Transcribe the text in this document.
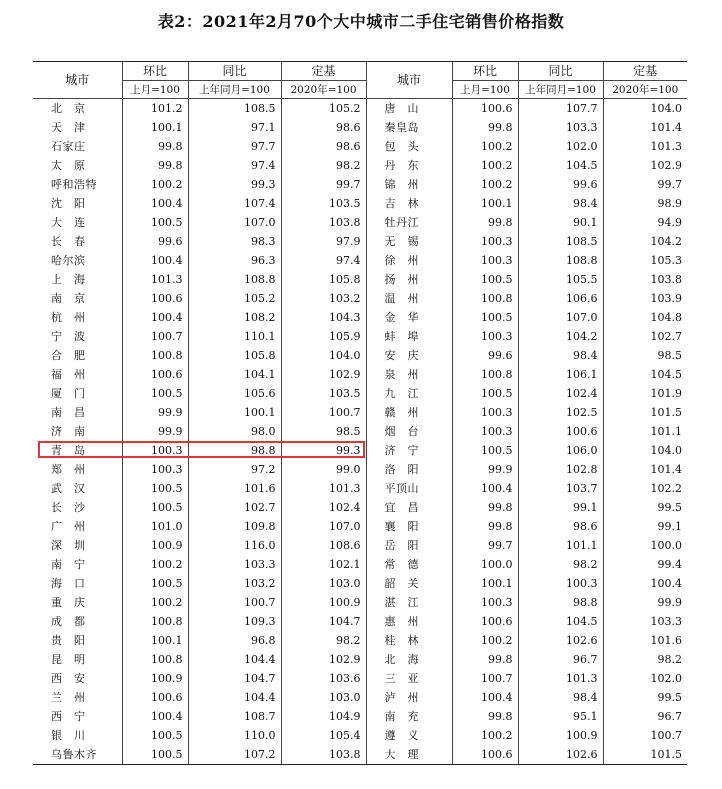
表2：2021年2月70个大中城市二手住宅销售价格指数
城市	环比	同比	定基	城市	环比	同比	定基
	上月=100	上年同月=100	2020年=100		上月=100	上年同月=100	2020年=100
北　京	101.2	108.5	105.2	唐　山	100.6	107.7	104.0
天　津	100.1	97.1	98.6	秦皇岛	99.8	103.3	101.4
石家庄	99.8	97.7	98.6	包　头	100.2	102.0	101.3
太　原	99.8	97.4	98.2	丹　东	100.2	104.5	102.9
呼和浩特	100.2	99.3	99.7	锦　州	100.2	99.6	99.7
沈　阳	100.4	107.4	103.5	吉　林	100.1	98.4	98.9
大　连	100.5	107.0	103.8	牡丹江	99.8	90.1	94.9
长　春	99.6	98.3	97.9	无　锡	100.3	108.5	104.2
哈尔滨	100.4	96.3	97.4	徐　州	100.3	108.8	105.3
上　海	101.3	108.8	105.8	扬　州	100.5	105.5	103.8
南　京	100.6	105.2	103.2	温　州	100.8	106.6	103.9
杭　州	100.4	108.2	104.3	金　华	100.5	107.0	104.8
宁　波	100.7	110.1	105.9	蚌　埠	100.3	104.2	102.7
合　肥	100.8	105.8	104.0	安　庆	99.6	98.4	98.5
福　州	100.6	104.1	102.9	泉　州	100.8	106.1	104.5
厦　门	100.5	105.6	103.5	九　江	100.5	102.4	101.9
南　昌	99.9	100.1	100.7	赣　州	100.3	102.5	101.5
济　南	99.9	98.0	98.5	烟　台	100.3	100.6	101.1
青　岛	100.3	98.8	99.3	济　宁	100.5	106.0	104.0
郑　州	100.3	97.2	99.0	洛　阳	99.9	102.8	101.4
武　汉	100.5	101.6	101.3	平顶山	100.4	103.7	102.2
长　沙	100.5	102.7	102.4	宜　昌	99.8	99.1	99.5
广　州	101.0	109.8	107.0	襄　阳	99.8	98.6	99.1
深　圳	100.9	116.0	108.6	岳　阳	99.7	101.1	100.0
南　宁	100.2	103.3	102.1	常　德	100.0	98.2	99.4
海　口	100.5	103.2	103.0	韶　关	100.1	100.3	100.4
重　庆	100.2	100.7	100.9	湛　江	100.3	98.8	99.9
成　都	100.8	109.3	104.7	惠　州	100.6	104.5	103.3
贵　阳	100.1	96.8	98.2	桂　林	100.2	102.6	101.6
昆　明	100.8	104.4	102.9	北　海	99.8	96.7	98.2
西　安	100.9	104.7	103.6	三　亚	100.7	101.3	102.0
兰　州	100.6	104.4	103.0	泸　州	100.4	98.4	99.5
西　宁	100.4	108.7	104.9	南　充	99.8	95.1	96.7
银　川	100.5	110.0	105.4	遵　义	100.2	100.9	100.7
乌鲁木齐	100.5	107.2	103.8	大　理	100.6	102.6	101.5
